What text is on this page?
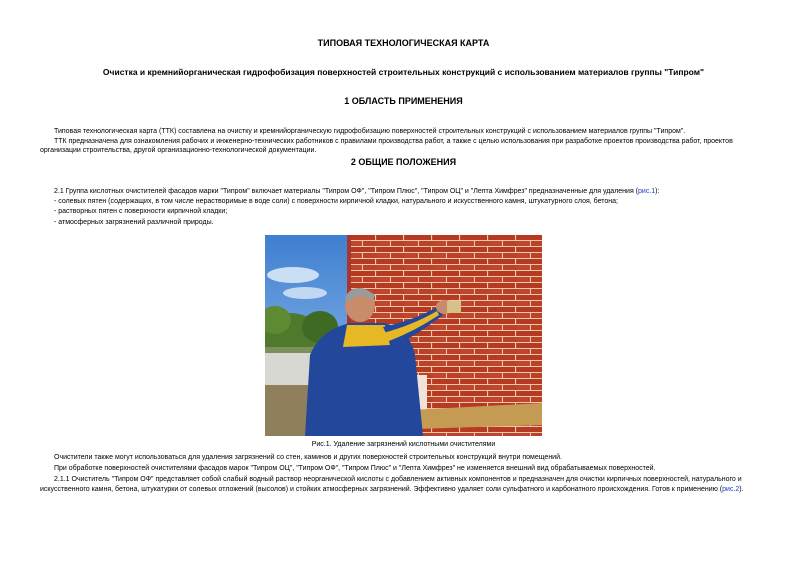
ТИПОВАЯ ТЕХНОЛОГИЧЕСКАЯ КАРТА
Очистка и кремнийорганическая гидрофобизация поверхностей строительных конструкций с использованием материалов группы "Типром"
1 ОБЛАСТЬ ПРИМЕНЕНИЯ
Типовая технологическая карта (ТТК) составлена на очистку и кремнийорганическую гидрофобизацию поверхностей строительных конструкций с использованием материалов группы "Типром".
ТТК предназначена для ознакомления рабочих и инженерно-технических работников с правилами производства работ, а также с целью использования при разработке проектов производства работ, проектов
организации строительства, другой организационно-технологической документации.
2 ОБЩИЕ ПОЛОЖЕНИЯ
2.1 Группа кислотных очистителей фасадов марки "Типром" включает материалы "Типром ОФ", "Типром Плюс", "Типром ОЦ" и "Лепта Химфрез" предназначенные для удаления (рис.1):
- солевых пятен (содержащих, в том числе нерастворимые в воде соли) с поверхности кирпичной кладки, натурального и искусственного камня, штукатурного слоя, бетона;
- растворных пятен с поверхности кирпичной кладки;
- атмосферных загрязнений различной природы.
Рис.1. Удаление загрязнений кислотными очистителями
Очистители также могут использоваться для удаления загрязнений со стен, каминов и других поверхностей строительных конструкций внутри помещений.
При обработке поверхностей очистителями фасадов марок "Типром ОЦ", "Типром ОФ", "Типром Плюс" и "Лепта Химфрез" не изменяется внешний вид обрабатываемых поверхностей.
2.1.1 Очиститель "Типром ОФ" представляет собой слабый водный раствор неорганической кислоты с добавлением активных компонентов и предназначен для очистки кирпичных поверхностей, натурального и
искусственного камня, бетона, штукатурки от солевых отложений (высолов) и стойких атмосферных загрязнений. Эффективно удаляет соли сульфатного и карбонатного происхождения. Готов к применению (рис.2).
